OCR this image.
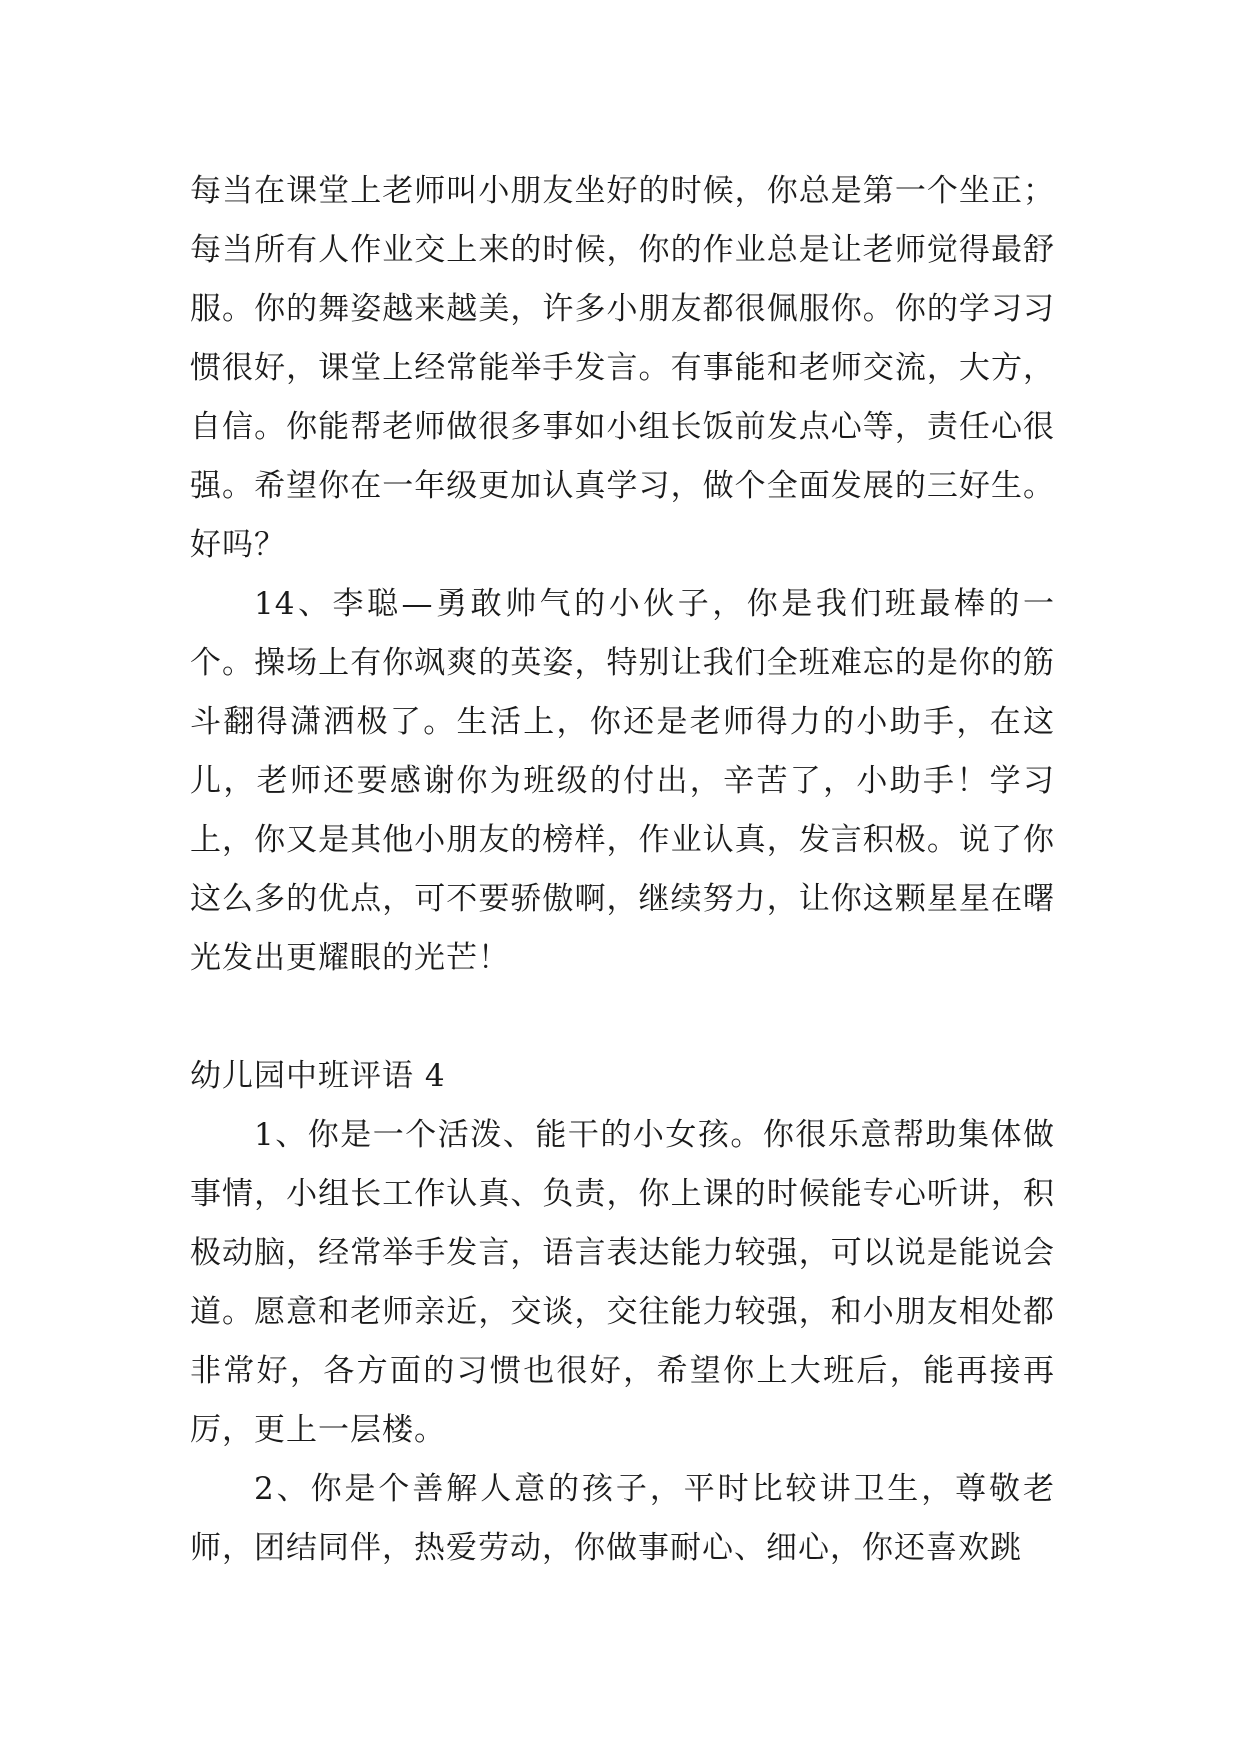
每当在课堂上老师叫小朋友坐好的时候，你总是第一个坐正；每当所有人作业交上来的时候，你的作业总是让老师觉得最舒服。你的舞姿越来越美，许多小朋友都很佩服你。你的学习习惯很好，课堂上经常能举手发言。有事能和老师交流，大方，自信。你能帮老师做很多事如小组长饭前发点心等，责任心很强。希望你在一年级更加认真学习，做个全面发展的三好生。好吗？

14、李聪—勇敢帅气的小伙子，你是我们班最棒的一个。操场上有你飒爽的英姿，特别让我们全班难忘的是你的筋斗翻得潇洒极了。生活上，你还是老师得力的小助手，在这儿，老师还要感谢你为班级的付出，辛苦了，小助手！学习上，你又是其他小朋友的榜样，作业认真，发言积极。说了你这么多的优点，可不要骄傲啊，继续努力，让你这颗星星在曙光发出更耀眼的光芒！

幼儿园中班评语 4

1、你是一个活泼、能干的小女孩。你很乐意帮助集体做事情，小组长工作认真、负责，你上课的时候能专心听讲，积极动脑，经常举手发言，语言表达能力较强，可以说是能说会道。愿意和老师亲近，交谈，交往能力较强，和小朋友相处都非常好，各方面的习惯也很好，希望你上大班后，能再接再厉，更上一层楼。

2、你是个善解人意的孩子，平时比较讲卫生，尊敬老师，团结同伴，热爱劳动，你做事耐心、细心，你还喜欢跳
